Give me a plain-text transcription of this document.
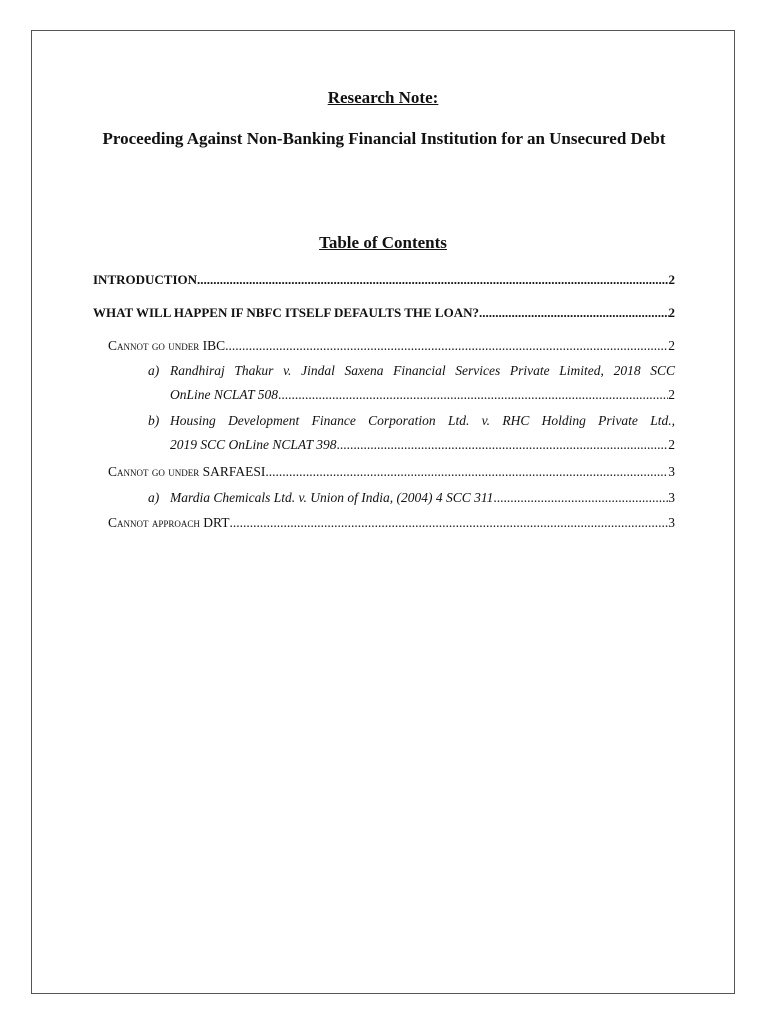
Research Note:
Proceeding Against Non-Banking Financial Institution for an Unsecured Debt
Table of Contents
INTRODUCTION .....	2
WHAT WILL HAPPEN IF NBFC ITSELF DEFAULTS THE LOAN? .....	2
Cannot go under IBC .....	2
a) Randhiraj Thakur v. Jindal Saxena Financial Services Private Limited, 2018 SCC
OnLine NCLAT 508 .....	2
b) Housing Development Finance Corporation Ltd. v. RHC Holding Private Ltd.,
2019 SCC OnLine NCLAT 398 .....	2
Cannot go under SARFAESI .....	3
a) Mardia Chemicals Ltd. v. Union of India, (2004) 4 SCC 311 .....	3
Cannot approach DRT .....	3
